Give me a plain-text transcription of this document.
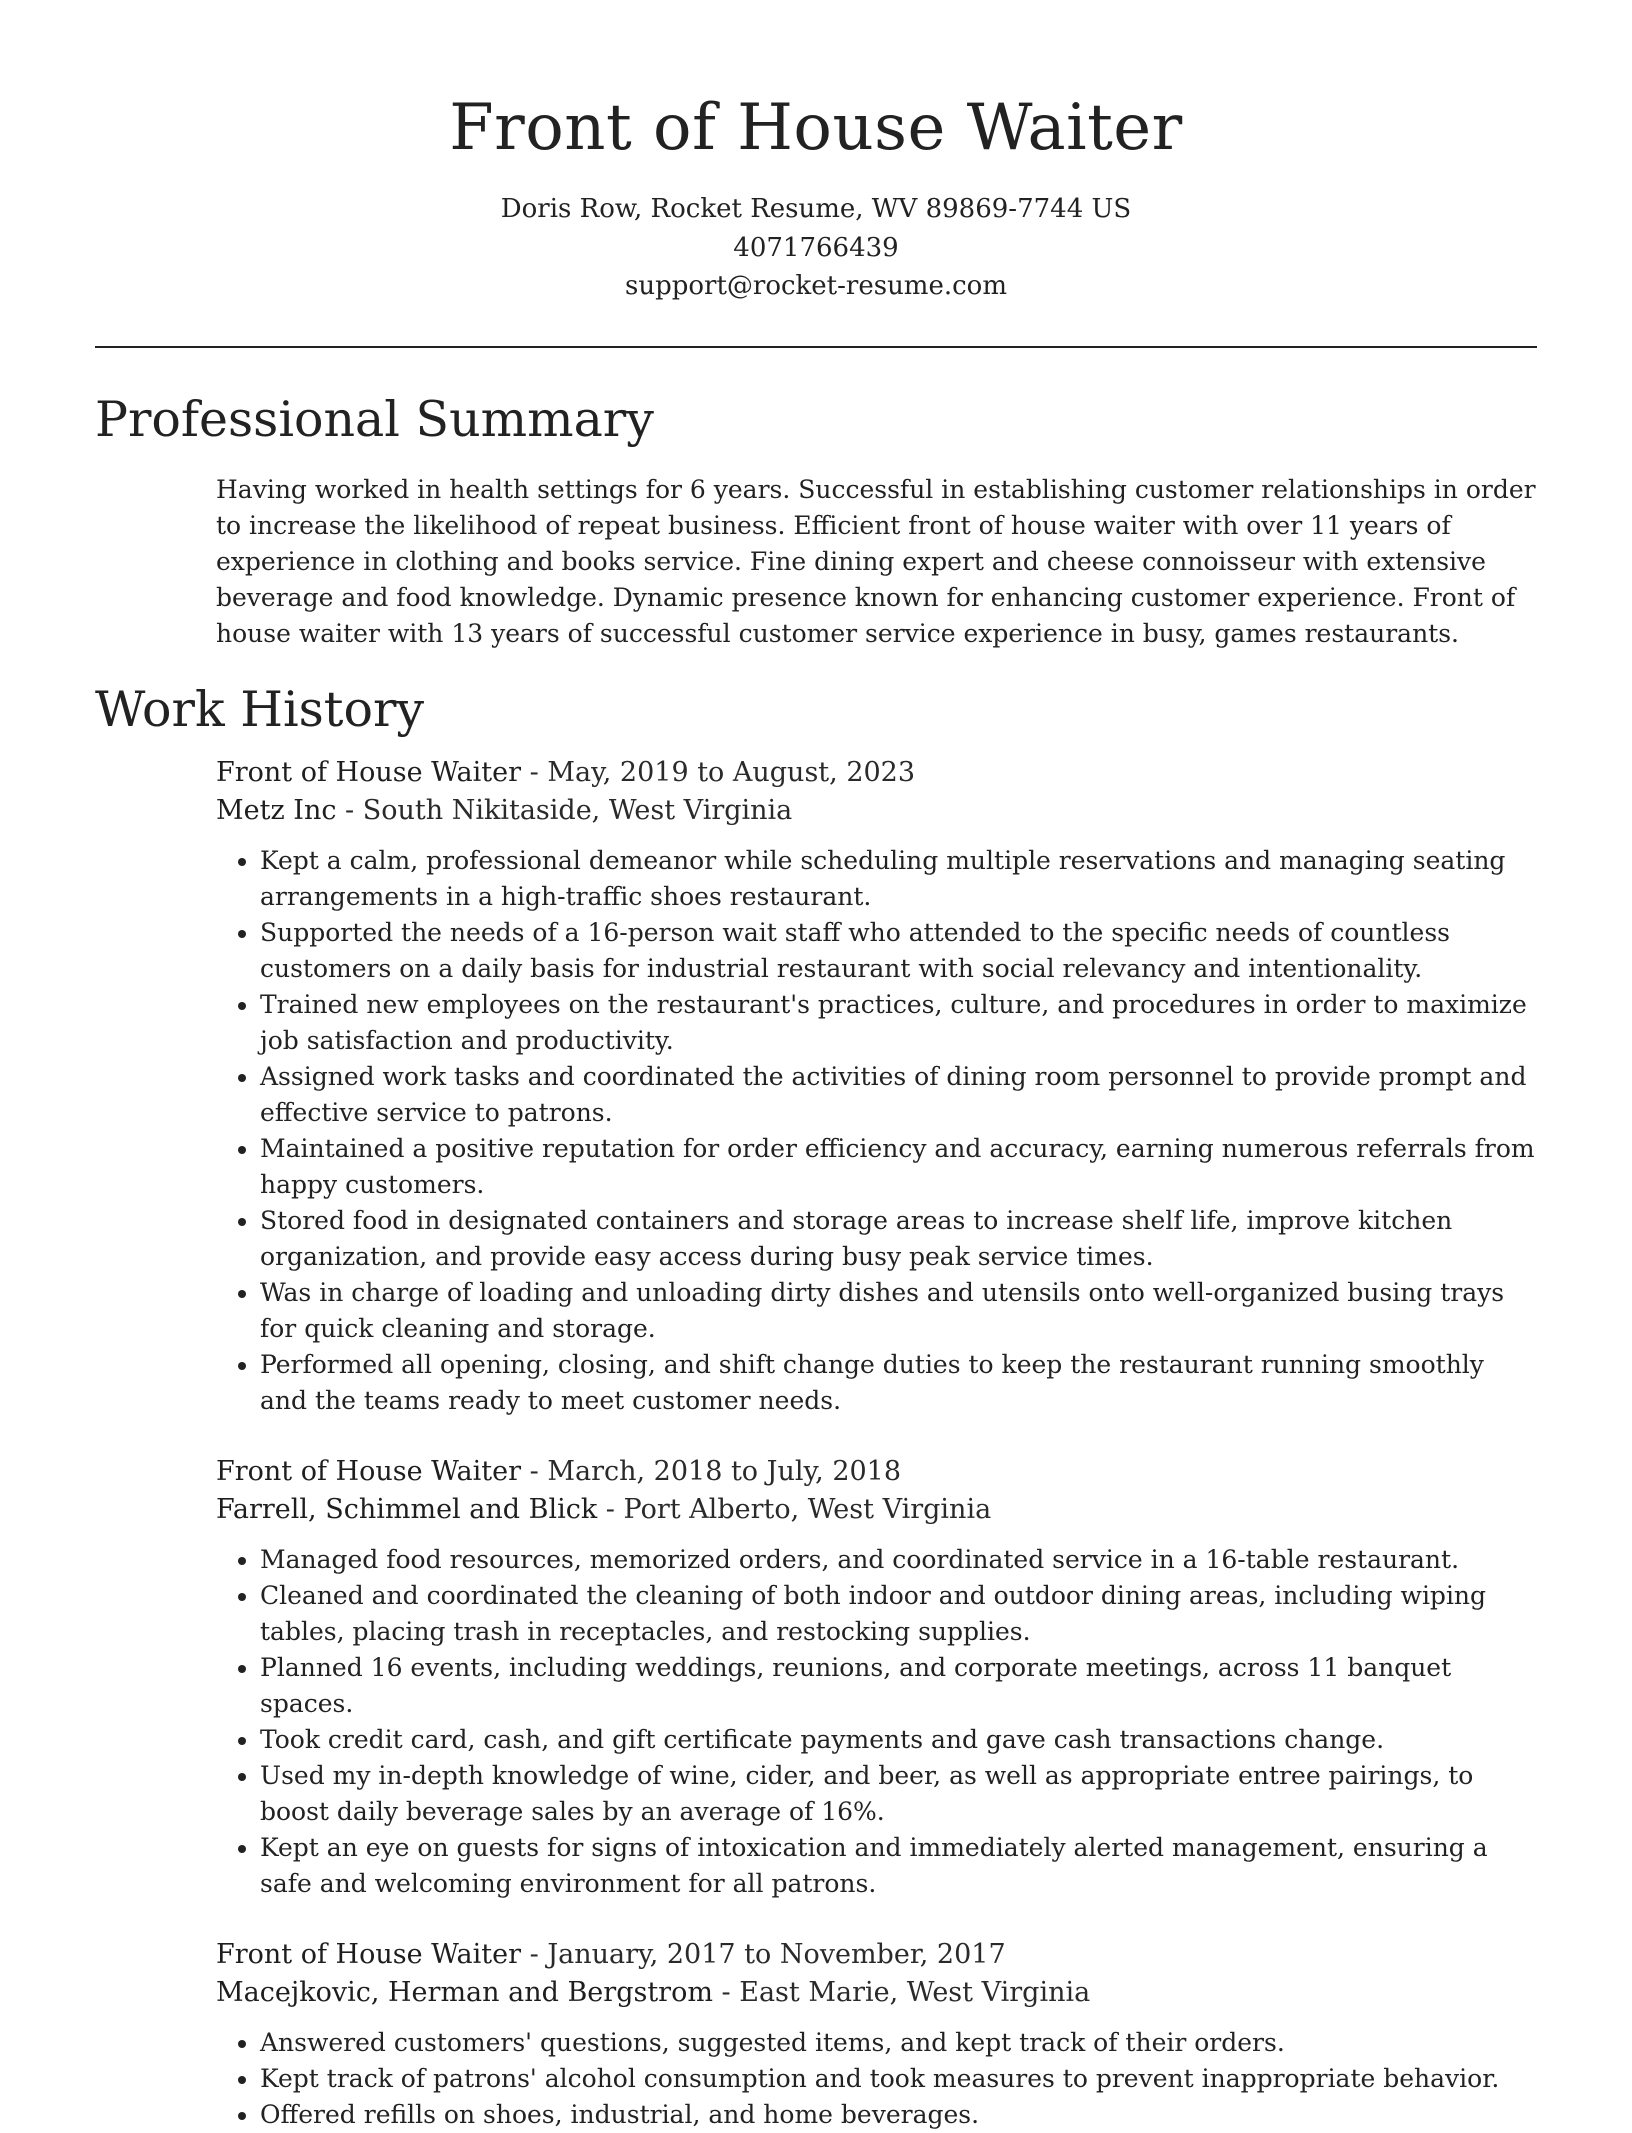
Front of House Waiter
Doris Row, Rocket Resume, WV 89869-7744 US
4071766439
support@rocket-resume.com
Professional Summary

Having worked in health settings for 6 years. Successful in establishing customer relationships in order to increase the likelihood of repeat business. Efficient front of house waiter with over 11 years of experience in clothing and books service. Fine dining expert and cheese connoisseur with extensive beverage and food knowledge. Dynamic presence known for enhancing customer experience. Front of house waiter with 13 years of successful customer service experience in busy, games restaurants.

Work History
Front of House Waiter - May, 2019 to August, 2023
Metz Inc - South Nikitaside, West Virginia
• Kept a calm, professional demeanor while scheduling multiple reservations and managing seating arrangements in a high-traffic shoes restaurant.
• Supported the needs of a 16-person wait staff who attended to the specific needs of countless customers on a daily basis for industrial restaurant with social relevancy and intentionality.
• Trained new employees on the restaurant's practices, culture, and procedures in order to maximize job satisfaction and productivity.
• Assigned work tasks and coordinated the activities of dining room personnel to provide prompt and effective service to patrons.
• Maintained a positive reputation for order efficiency and accuracy, earning numerous referrals from happy customers.
• Stored food in designated containers and storage areas to increase shelf life, improve kitchen organization, and provide easy access during busy peak service times.
• Was in charge of loading and unloading dirty dishes and utensils onto well-organized busing trays for quick cleaning and storage.
• Performed all opening, closing, and shift change duties to keep the restaurant running smoothly and the teams ready to meet customer needs.
Front of House Waiter - March, 2018 to July, 2018
Farrell, Schimmel and Blick - Port Alberto, West Virginia
• Managed food resources, memorized orders, and coordinated service in a 16-table restaurant.
• Cleaned and coordinated the cleaning of both indoor and outdoor dining areas, including wiping tables, placing trash in receptacles, and restocking supplies.
• Planned 16 events, including weddings, reunions, and corporate meetings, across 11 banquet spaces.
• Took credit card, cash, and gift certificate payments and gave cash transactions change.
• Used my in-depth knowledge of wine, cider, and beer, as well as appropriate entree pairings, to boost daily beverage sales by an average of 16%.
• Kept an eye on guests for signs of intoxication and immediately alerted management, ensuring a safe and welcoming environment for all patrons.
Front of House Waiter - January, 2017 to November, 2017
Macejkovic, Herman and Bergstrom - East Marie, West Virginia
• Answered customers' questions, suggested items, and kept track of their orders.
• Kept track of patrons' alcohol consumption and took measures to prevent inappropriate behavior.
• Offered refills on shoes, industrial, and home beverages.
